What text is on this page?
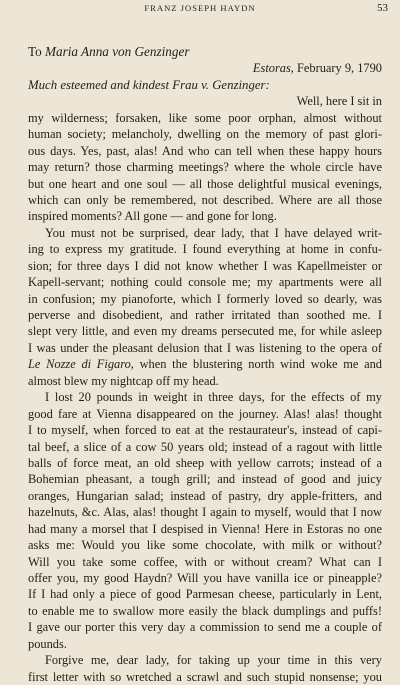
FRANZ JOSEPH HAYDN	53
To Maria Anna von Genzinger
Estoras, February 9, 1790
Much esteemed and kindest Frau v. Genzinger:
Well, here I sit in
my wilderness; forsaken, like some poor orphan, almost without
human society; melancholy, dwelling on the memory of past glori-
ous days. Yes, past, alas! And who can tell when these happy hours
may return? those charming meetings? where the whole circle have
but one heart and one soul — all those delightful musical evenings,
which can only be remembered, not described. Where are all those
inspired moments? All gone — and gone for long.
You must not be surprised, dear lady, that I have delayed writ-
ing to express my gratitude. I found everything at home in confu-
sion; for three days I did not know whether I was Kapellmeister or
Kapell-servant; nothing could console me; my apartments were all
in confusion; my pianoforte, which I formerly loved so dearly, was
perverse and disobedient, and rather irritated than soothed me. I
slept very little, and even my dreams persecuted me, for while asleep
I was under the pleasant delusion that I was listening to the opera of
Le Nozze di Figaro, when the blustering north wind woke me and
almost blew my nightcap off my head.
I lost 20 pounds in weight in three days, for the effects of my
good fare at Vienna disappeared on the journey. Alas! alas! thought
I to myself, when forced to eat at the restaurateur's, instead of capi-
tal beef, a slice of a cow 50 years old; instead of a ragout with little
balls of force meat, an old sheep with yellow carrots; instead of a
Bohemian pheasant, a tough grill; and instead of good and juicy
oranges, Hungarian salad; instead of pastry, dry apple-fritters, and
hazelnuts, &c. Alas, alas! thought I again to myself, would that I now
had many a morsel that I despised in Vienna! Here in Estoras no one
asks me: Would you like some chocolate, with milk or without?
Will you take some coffee, with or without cream? What can I
offer you, my good Haydn? Will you have vanilla ice or pineapple?
If I had only a piece of good Parmesan cheese, particularly in Lent,
to enable me to swallow more easily the black dumplings and puffs!
I gave our porter this very day a commission to send me a couple of
pounds.
Forgive me, dear lady, for taking up your time in this very
first letter with so wretched a scrawl and such stupid nonsense; you
